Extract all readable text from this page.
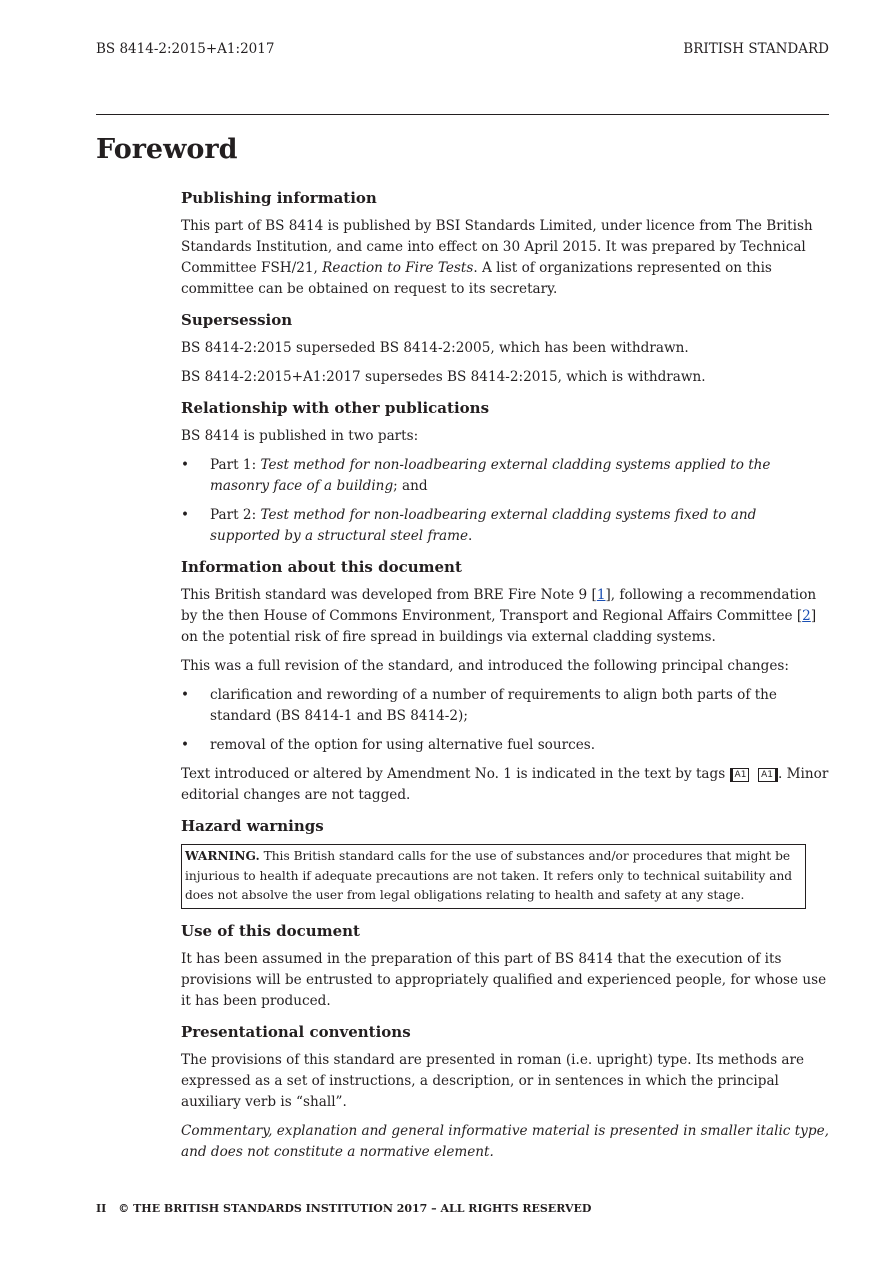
BS 8414-2:2015+A1:2017	BRITISH STANDARD
Foreword
Publishing information

This part of BS 8414 is published by BSI Standards Limited, under licence from The British Standards Institution, and came into effect on 30 April 2015. It was prepared by Technical Committee FSH/21, Reaction to Fire Tests. A list of organizations represented on this committee can be obtained on request to its secretary.

Supersession

BS 8414-2:2015 superseded BS 8414-2:2005, which has been withdrawn.

BS 8414-2:2015+A1:2017 supersedes BS 8414-2:2015, which is withdrawn.

Relationship with other publications

BS 8414 is published in two parts:

• Part 1: Test method for non-loadbearing external cladding systems applied to the masonry face of a building; and
• Part 2: Test method for non-loadbearing external cladding systems fixed to and supported by a structural steel frame.
Information about this document

This British standard was developed from BRE Fire Note 9 [1], following a recommendation by the then House of Commons Environment, Transport and Regional Affairs Committee [2] on the potential risk of fire spread in buildings via external cladding systems.

This was a full revision of the standard, and introduced the following principal changes:

• clarification and rewording of a number of requirements to align both parts of the standard (BS 8414-1 and BS 8414-2);
• removal of the option for using alternative fuel sources.

Text introduced or altered by Amendment No. 1 is indicated in the text by tags A1 A1 . Minor editorial changes are not tagged.

Hazard warnings
WARNING. This British standard calls for the use of substances and/or procedures that might be injurious to health if adequate precautions are not taken. It refers only to technical suitability and does not absolve the user from legal obligations relating to health and safety at any stage.
Use of this document

It has been assumed in the preparation of this part of BS 8414 that the execution of its provisions will be entrusted to appropriately qualified and experienced people, for whose use it has been produced.

Presentational conventions

The provisions of this standard are presented in roman (i.e. upright) type. Its methods are expressed as a set of instructions, a description, or in sentences in which the principal auxiliary verb is “shall”.

Commentary, explanation and general informative material is presented in smaller italic type, and does not constitute a normative element.

II © THE BRITISH STANDARDS INSTITUTION 2017 – ALL RIGHTS RESERVED
